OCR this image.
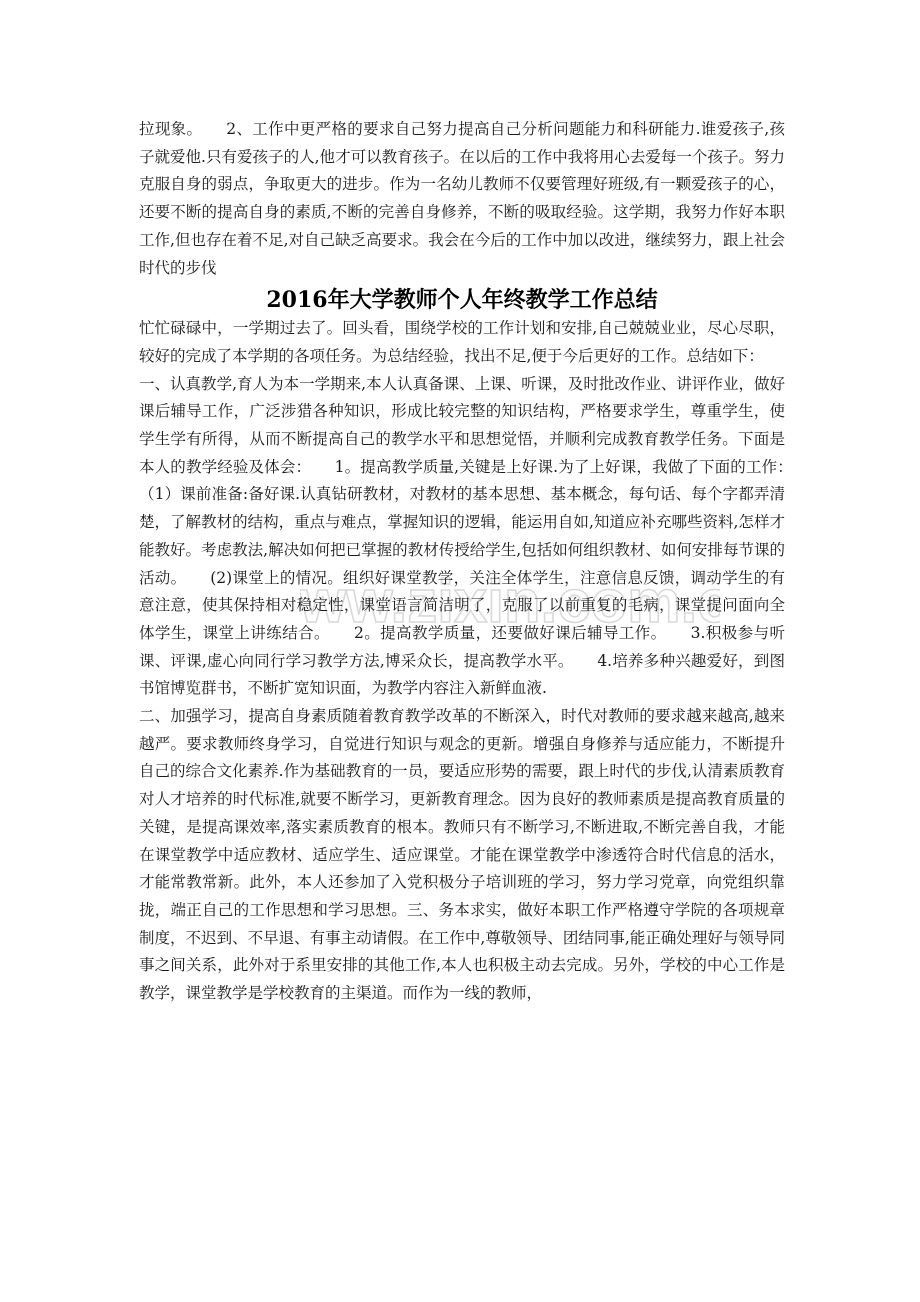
ww.zixin.com.c

拉现象。　　2、工作中更严格的要求自己努力提高自己分析问题能力和科研能力.谁爱孩子,孩子就爱他.只有爱孩子的人,他才可以教育孩子。在以后的工作中我将用心去爱每一个孩子。努力克服自身的弱点，争取更大的进步。作为一名幼儿教师不仅要管理好班级,有一颗爱孩子的心，还要不断的提高自身的素质,不断的完善自身修养，不断的吸取经验。这学期，我努力作好本职工作,但也存在着不足,对自己缺乏高要求。我会在今后的工作中加以改进，继续努力，跟上社会时代的步伐

2016年大学教师个人年终教学工作总结

忙忙碌碌中，一学期过去了。回头看，围绕学校的工作计划和安排,自己兢兢业业，尽心尽职，较好的完成了本学期的各项任务。为总结经验，找出不足,便于今后更好的工作。总结如下：

一、认真教学,育人为本一学期来,本人认真备课、上课、听课，及时批改作业、讲评作业，做好课后辅导工作，广泛涉猎各种知识，形成比较完整的知识结构，严格要求学生，尊重学生，使学生学有所得，从而不断提高自己的教学水平和思想觉悟，并顺利完成教育教学任务。下面是本人的教学经验及体会：　　1。提高教学质量,关键是上好课.为了上好课，我做了下面的工作：　　（1）课前准备:备好课.认真钻研教材，对教材的基本思想、基本概念，每句话、每个字都弄清楚，了解教材的结构，重点与难点，掌握知识的逻辑，能运用自如,知道应补充哪些资料,怎样才能教好。考虑教法,解决如何把已掌握的教材传授给学生,包括如何组织教材、如何安排每节课的活动。　　(2)课堂上的情况。组织好课堂教学，关注全体学生，注意信息反馈，调动学生的有意注意，使其保持相对稳定性，课堂语言简洁明了，克服了以前重复的毛病，课堂提问面向全体学生，课堂上讲练结合。　　2。提高教学质量，还要做好课后辅导工作。　　3.积极参与听课、评课,虚心向同行学习教学方法,博采众长，提高教学水平。　　4.培养多种兴趣爱好，到图书馆博览群书，不断扩宽知识面，为教学内容注入新鲜血液.

二、加强学习，提高自身素质随着教育教学改革的不断深入，时代对教师的要求越来越高,越来越严。要求教师终身学习，自觉进行知识与观念的更新。增强自身修养与适应能力，不断提升自己的综合文化素养.作为基础教育的一员，要适应形势的需要，跟上时代的步伐,认清素质教育对人才培养的时代标准,就要不断学习，更新教育理念。因为良好的教师素质是提高教育质量的关键，是提高课效率,落实素质教育的根本。教师只有不断学习,不断进取,不断完善自我，才能在课堂教学中适应教材、适应学生、适应课堂。才能在课堂教学中渗透符合时代信息的活水，才能常教常新。此外，本人还参加了入党积极分子培训班的学习，努力学习党章，向党组织靠拢，端正自己的工作思想和学习思想。三、务本求实，做好本职工作严格遵守学院的各项规章制度，不迟到、不早退、有事主动请假。在工作中,尊敬领导、团结同事,能正确处理好与领导同事之间关系，此外对于系里安排的其他工作,本人也积极主动去完成。另外，学校的中心工作是教学，课堂教学是学校教育的主渠道。而作为一线的教师，
